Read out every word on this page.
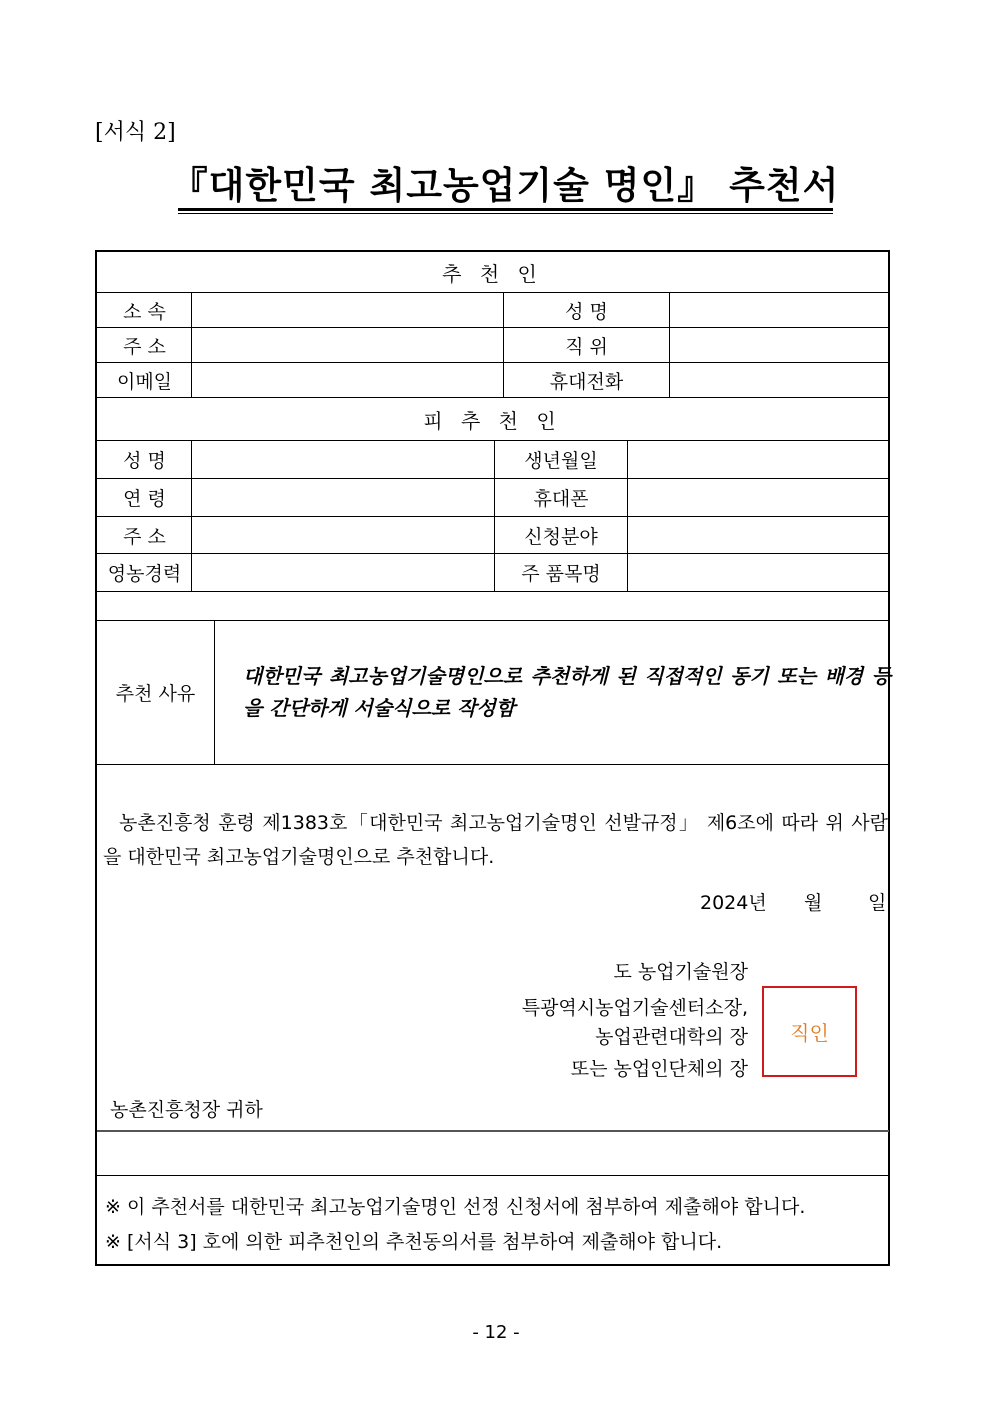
[서식 2]
『대한민국 최고농업기술 명인』 추천서
추 천 인
소 속	성 명
주 소	직 위
이메일	휴대전화
피 추 천 인
성 명	생년월일
연 령	휴대폰
주 소	신청분야
영농경력	주 품목명
추천 사유
대한민국 최고농업기술명인으로 추천하게 된 직접적인 동기 또는 배경 등을 간단하게 서술식으로 작성함
농촌진흥청 훈령 제1383호「대한민국 최고농업기술명인 선발규정」 제6조에 따라 위 사람을 대한민국 최고농업기술명인으로 추천합니다.
2024년 월 일
도 농업기술원장
특광역시농업기술센터소장,
농업관련대학의 장
또는 농업인단체의 장
직인
농촌진흥청장 귀하
※ 이 추천서를 대한민국 최고농업기술명인 선정 신청서에 첨부하여 제출해야 합니다.
※ [서식 3] 호에 의한 피추천인의 추천동의서를 첨부하여 제출해야 합니다.
- 12 -
